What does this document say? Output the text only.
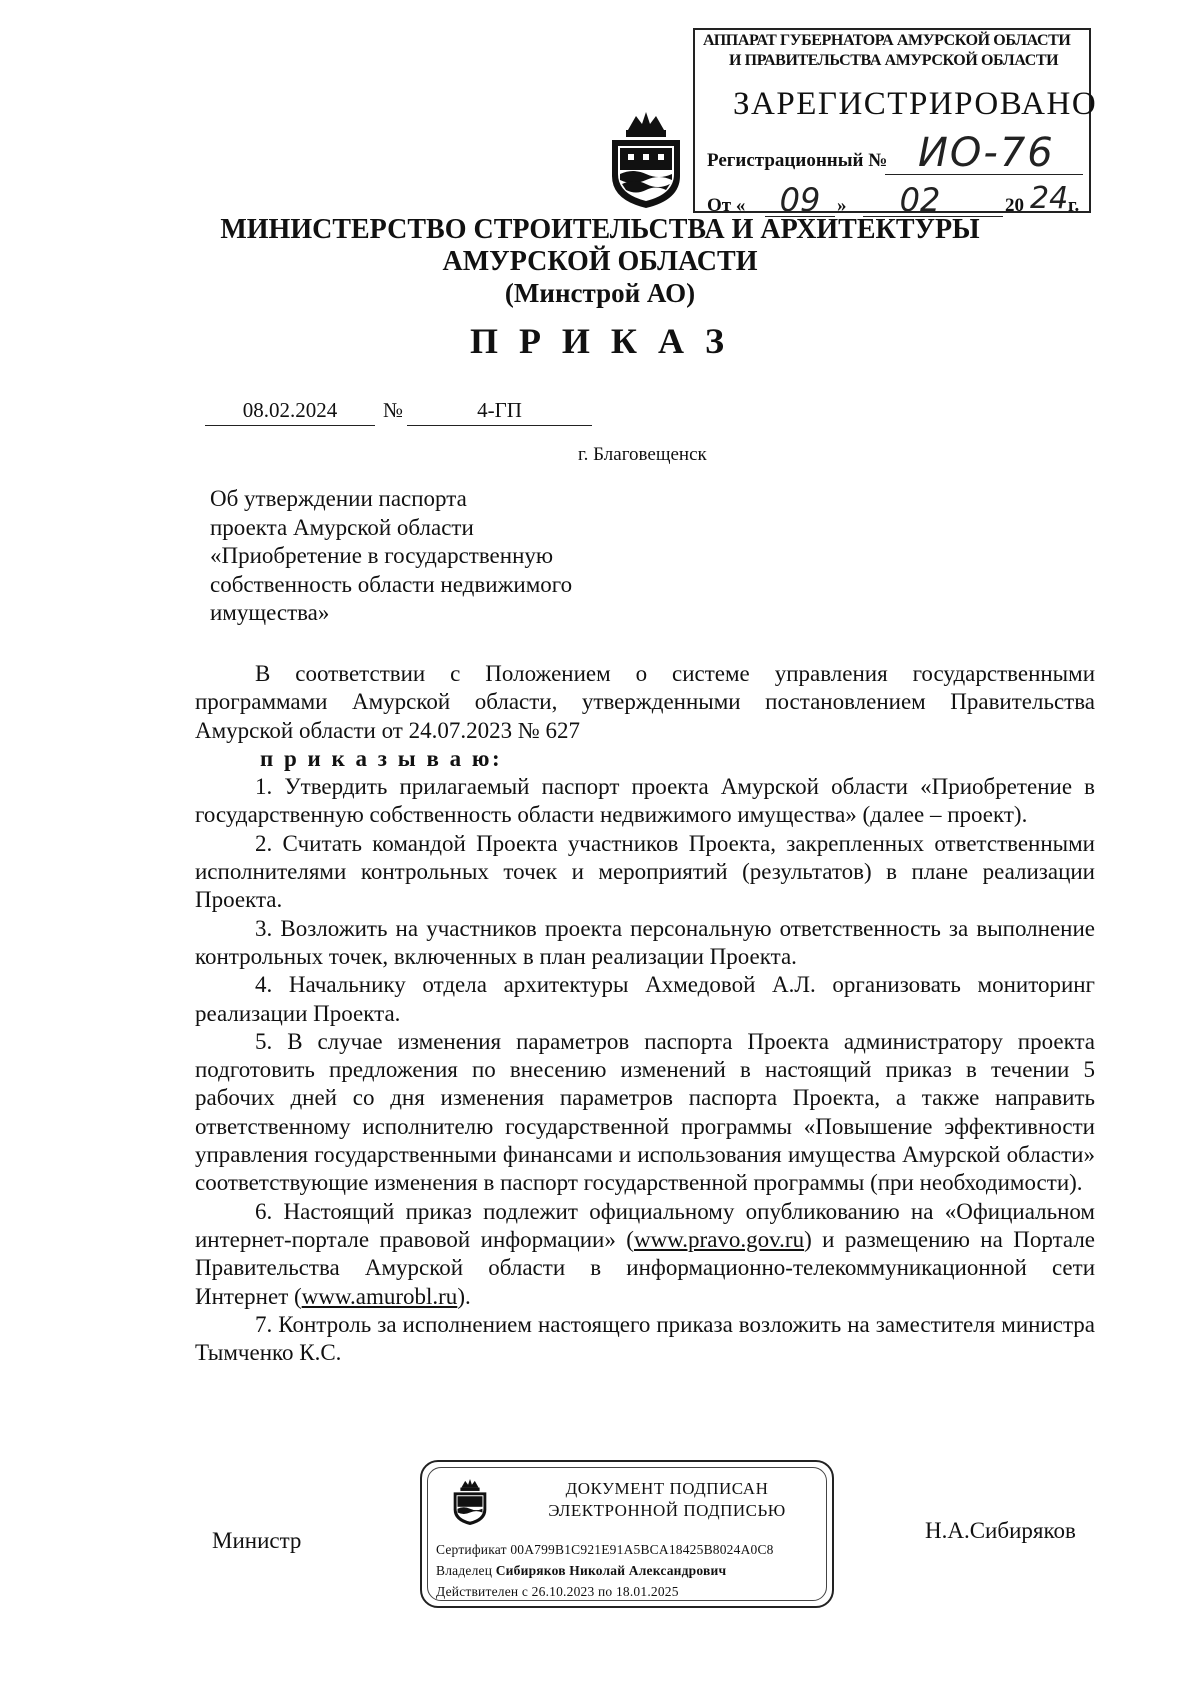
АППАРАТ ГУБЕРНАТОРА АМУРСКОЙ ОБЛАСТИ
И ПРАВИТЕЛЬСТВА АМУРСКОЙ ОБЛАСТИ
ЗАРЕГИСТРИРОВАНО
Регистрационный № ИО-76
От «	09 »	02	20 24 г.
МИНИСТЕРСТВО СТРОИТЕЛЬСТВА И АРХИТЕКТУРЫ
АМУРСКОЙ ОБЛАСТИ
(Минстрой АО)
П Р И К А З
08.02.2024	№	4-ГП
г. Благовещенск
Об утверждении паспорта
проекта Амурской области
«Приобретение в государственную
собственность области недвижимого
имущества»

В соответствии с Положением о системе управления государственными программами Амурской области, утвержденными постановлением Правительства Амурской области от 24.07.2023 № 627

п р и к а з ы в а ю:

1. Утвердить прилагаемый паспорт проекта Амурской области «Приобретение в государственную собственность области недвижимого имущества» (далее – проект).

2. Считать командой Проекта участников Проекта, закрепленных ответственными исполнителями контрольных точек и мероприятий (результатов) в плане реализации Проекта.

3. Возложить на участников проекта персональную ответственность за выполнение контрольных точек, включенных в план реализации Проекта.

4. Начальнику отдела архитектуры Ахмедовой А.Л. организовать мониторинг реализации Проекта.

5. В случае изменения параметров паспорта Проекта администратору проекта подготовить предложения по внесению изменений в настоящий приказ в течении 5 рабочих дней со дня изменения параметров паспорта Проекта, а также направить ответственному исполнителю государственной программы «Повышение эффективности управления государственными финансами и использования имущества Амурской области» соответствующие изменения в паспорт государственной программы (при необходимости).

6. Настоящий приказ подлежит официальному опубликованию на «Официальном интернет-портале правовой информации» (www.pravo.gov.ru) и размещению на Портале Правительства Амурской области в информационно-телекоммуникационной сети Интернет (www.amurobl.ru).

7. Контроль за исполнением настоящего приказа возложить на заместителя министра Тымченко К.С.

Министр	Н.А.Сибиряков
ДОКУМЕНТ ПОДПИСАН
ЭЛЕКТРОННОЙ ПОДПИСЬЮ
Сертификат 00A799B1C921E91A5BCA18425B8024A0C8
Владелец Сибиряков Николай Александрович
Действителен с 26.10.2023 по 18.01.2025
